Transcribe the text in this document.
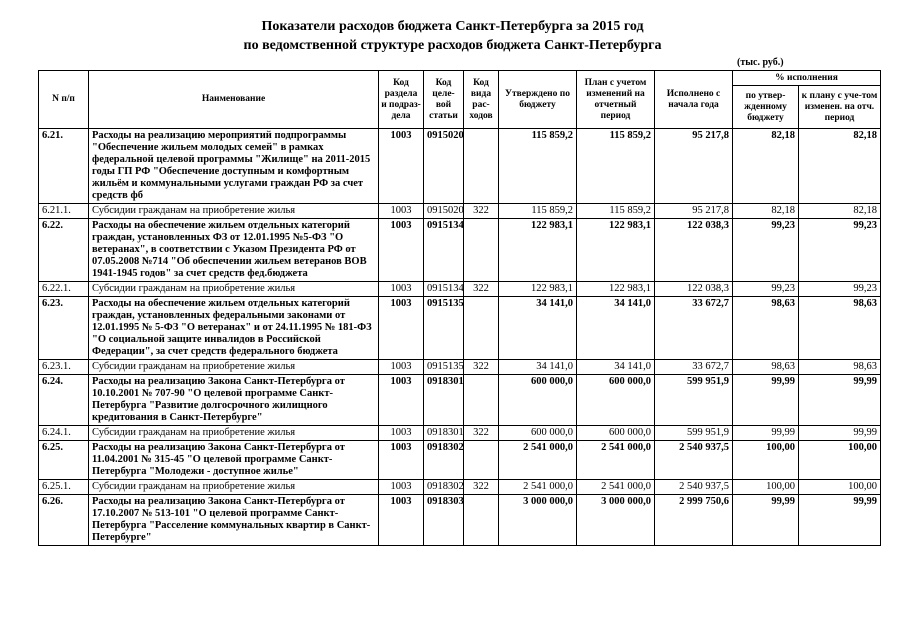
Показатели расходов бюджета Санкт-Петербурга за 2015 год
по ведомственной структуре расходов бюджета Санкт-Петербурга
(тыс. руб.)
N п/п	Наименование	Код раздела и подраз-дела	Код целе-вой статьи	Код вида рас-ходов	Утверждено по бюджету	План с учетом изменений на отчетный период	Исполнено с начала года	% исполнения	
								по утвер-жденному бюджету	к плану с уче-том изменен. на отч. период
6.21.	Расходы на реализацию мероприятий подпрограммы "Обеспечение жильем молодых семей" в рамках федеральной целевой программы "Жилище" на 2011-2015 годы ГП РФ "Обеспечение доступным и комфортным жильём и коммунальными услугами граждан РФ за счет средств фб	1003	0915020		115 859,2	115 859,2	95 217,8	82,18	82,18
6.21.1.	Субсидии гражданам на приобретение жилья	1003	0915020	322	115 859,2	115 859,2	95 217,8	82,18	82,18
6.22.	Расходы на обеспечение жильем отдельных категорий граждан, установленных ФЗ от 12.01.1995 №5-ФЗ "О ветеранах", в соответствии с Указом Президента РФ от 07.05.2008 №714 "Об обеспечении жильем ветеранов ВОВ 1941-1945 годов" за счет средств фед.бюджета	1003	0915134		122 983,1	122 983,1	122 038,3	99,23	99,23
6.22.1.	Субсидии гражданам на приобретение жилья	1003	0915134	322	122 983,1	122 983,1	122 038,3	99,23	99,23
6.23.	Расходы на обеспечение жильем отдельных категорий граждан, установленных федеральными законами от 12.01.1995 № 5-ФЗ "О ветеранах" и от 24.11.1995 № 181-ФЗ "О социальной защите инвалидов в Российской Федерации", за счет средств федерального бюджета	1003	0915135		34 141,0	34 141,0	33 672,7	98,63	98,63
6.23.1.	Субсидии гражданам на приобретение жилья	1003	0915135	322	34 141,0	34 141,0	33 672,7	98,63	98,63
6.24.	Расходы на реализацию Закона Санкт-Петербурга от 10.10.2001 № 707-90 "О целевой программе Санкт-Петербурга "Развитие долгосрочного жилищного кредитования в Санкт-Петербурге"	1003	0918301		600 000,0	600 000,0	599 951,9	99,99	99,99
6.24.1.	Субсидии гражданам на приобретение жилья	1003	0918301	322	600 000,0	600 000,0	599 951,9	99,99	99,99
6.25.	Расходы на реализацию Закона Санкт-Петербурга от 11.04.2001 № 315-45 "О целевой программе Санкт-Петербурга "Молодежи - доступное жилье"	1003	0918302		2 541 000,0	2 541 000,0	2 540 937,5	100,00	100,00
6.25.1.	Субсидии гражданам на приобретение жилья	1003	0918302	322	2 541 000,0	2 541 000,0	2 540 937,5	100,00	100,00
6.26.	Расходы на реализацию Закона Санкт-Петербурга от 17.10.2007 № 513-101 "О целевой программе Санкт-Петербурга "Расселение коммунальных квартир в Санкт-Петербурге"	1003	0918303		3 000 000,0	3 000 000,0	2 999 750,6	99,99	99,99
